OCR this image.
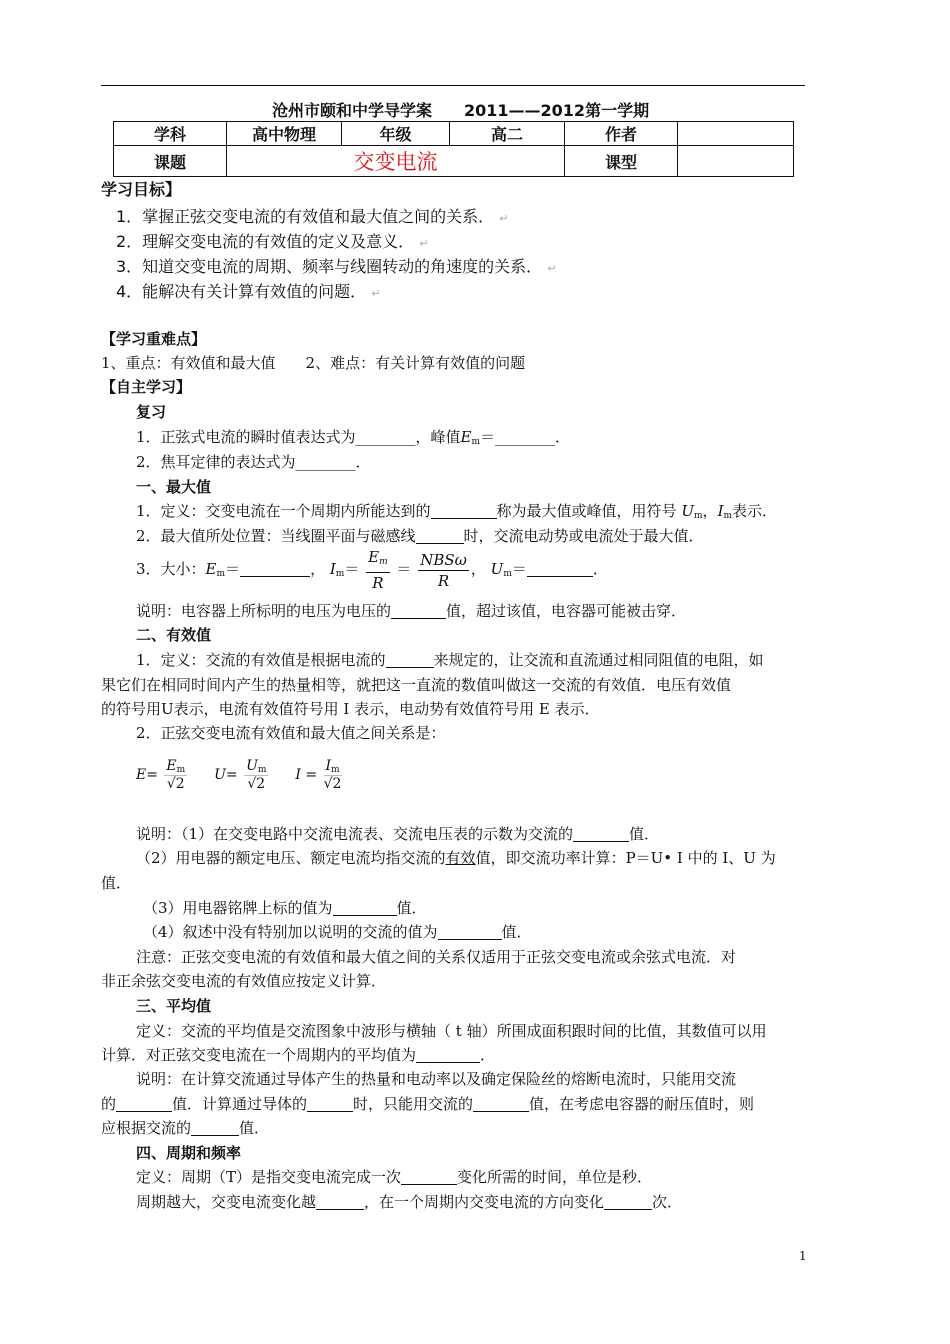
沧州市颐和中学导学案　　2011——2012第一学期
学科	高中物理	年级	高二	作者	
课题	交变电流			课型	
学习目标】
1．掌握正弦交变电流的有效值和最大值之间的关系． ↵
2．理解交变电流的有效值的定义及意义． ↵
3．知道交变电流的周期、频率与线圈转动的角速度的关系． ↵
4．能解决有关计算有效值的问题． ↵
【学习重难点】
1、重点：有效值和最大值　　2、难点：有关计算有效值的问题
【自主学习】
复习
1．正弦式电流的瞬时值表达式为________，峰值$E_m=\_\_\_\_\_\_\_\_$．
2．焦耳定律的表达式为________．
一、最大值
1．定义：交变电流在一个周期内所能达到的	称为最大值或峰值，用符号 $U_m$，$I_m$表示．
2．最大值所处位置：当线圈平面与磁感线	时，交流电动势或电流处于最大值．
3．大小：$E_m=$	， $I_m= \frac{E_m}{R} = \frac{\text{NBSω}}{R}$ ， $U_m=$	．
说明：电容器上所标明的电压为电压的	值，超过该值，电容器可能被击穿．
二、有效值
1．定义：交流的有效值是根据电流的	来规定的，让交流和直流通过相同阻值的电阻，如
果它们在相同时间内产生的热量相等，就把这一直流的数值叫做这一交流的有效值．电压有效值
的符号用U表示，电流有效值符号用 I 表示，电动势有效值符号用 E 表示．
2．正弦交变电流有效值和最大值之间关系是：
$E= \frac{E_m}{√2} U= \frac{U_m}{√2}$ $I = \frac{I_m}{√2}$
说明：（1）在交变电路中交流电流表、交流电压表的示数为交流的	值．
（2）用电器的额定电压、额定电流均指交流的有效值，即交流功率计算：P＝U• I 中的 I、U 为
值．
（3）用电器铭牌上标的值为	值．
（4）叙述中没有特别加以说明的交流的值为	值．
注意：正弦交变电流的有效值和最大值之间的关系仅适用于正弦交变电流或余弦式电流．对
非正余弦交变电流的有效值应按定义计算．
三、平均值
定义：交流的平均值是交流图象中波形与横轴（ t 轴）所围成面积跟时间的比值，其数值可以用
计算．对正弦交变电流在一个周期内的平均值为	．
说明：在计算交流通过导体产生的热量和电动率以及确定保险丝的熔断电流时，只能用交流
的	值．计算通过导体的	时，只能用交流的	值，在考虑电容器的耐压值时，则
应根据交流的	值．
四、周期和频率
定义：周期（T）是指交变电流完成一次	变化所需的时间，单位是秒．
周期越大，交变电流变化越	，在一个周期内交变电流的方向变化	次．
1
